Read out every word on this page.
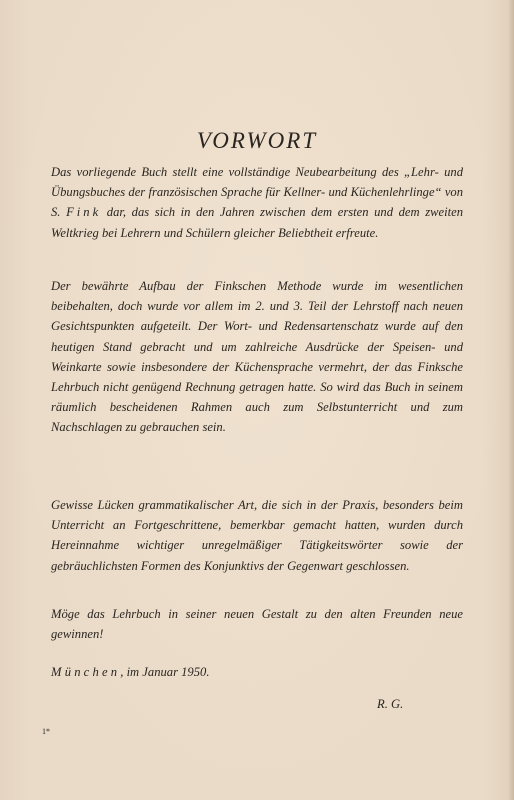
VORWORT

Das vorliegende Buch stellt eine vollständige Neubearbeitung des „Lehr- und Übungsbuches der französischen Sprache für Kellner- und Küchenlehrlinge“ von S. Fink dar, das sich in den Jahren zwischen dem ersten und dem zweiten Weltkrieg bei Lehrern und Schülern gleicher Beliebtheit erfreute.

Der bewährte Aufbau der Finkschen Methode wurde im wesentlichen beibehalten, doch wurde vor allem im 2. und 3. Teil der Lehrstoff nach neuen Gesichtspunkten aufgeteilt. Der Wort- und Redensartenschatz wurde auf den heutigen Stand gebracht und um zahlreiche Ausdrücke der Speisen- und Weinkarte sowie insbesondere der Küchensprache vermehrt, der das Finksche Lehrbuch nicht genügend Rechnung getragen hatte. So wird das Buch in seinem räumlich bescheidenen Rahmen auch zum Selbstunterricht und zum Nachschlagen zu gebrauchen sein.

Gewisse Lücken grammatikalischer Art, die sich in der Praxis, besonders beim Unterricht an Fortgeschrittene, bemerkbar gemacht hatten, wurden durch Hereinnahme wichtiger unregelmäßiger Tätigkeitswörter sowie der gebräuchlichsten Formen des Konjunktivs der Gegenwart geschlossen.

Möge das Lehrbuch in seiner neuen Gestalt zu den alten Freunden neue gewinnen!

München, im Januar 1950.

R. G.

1*
